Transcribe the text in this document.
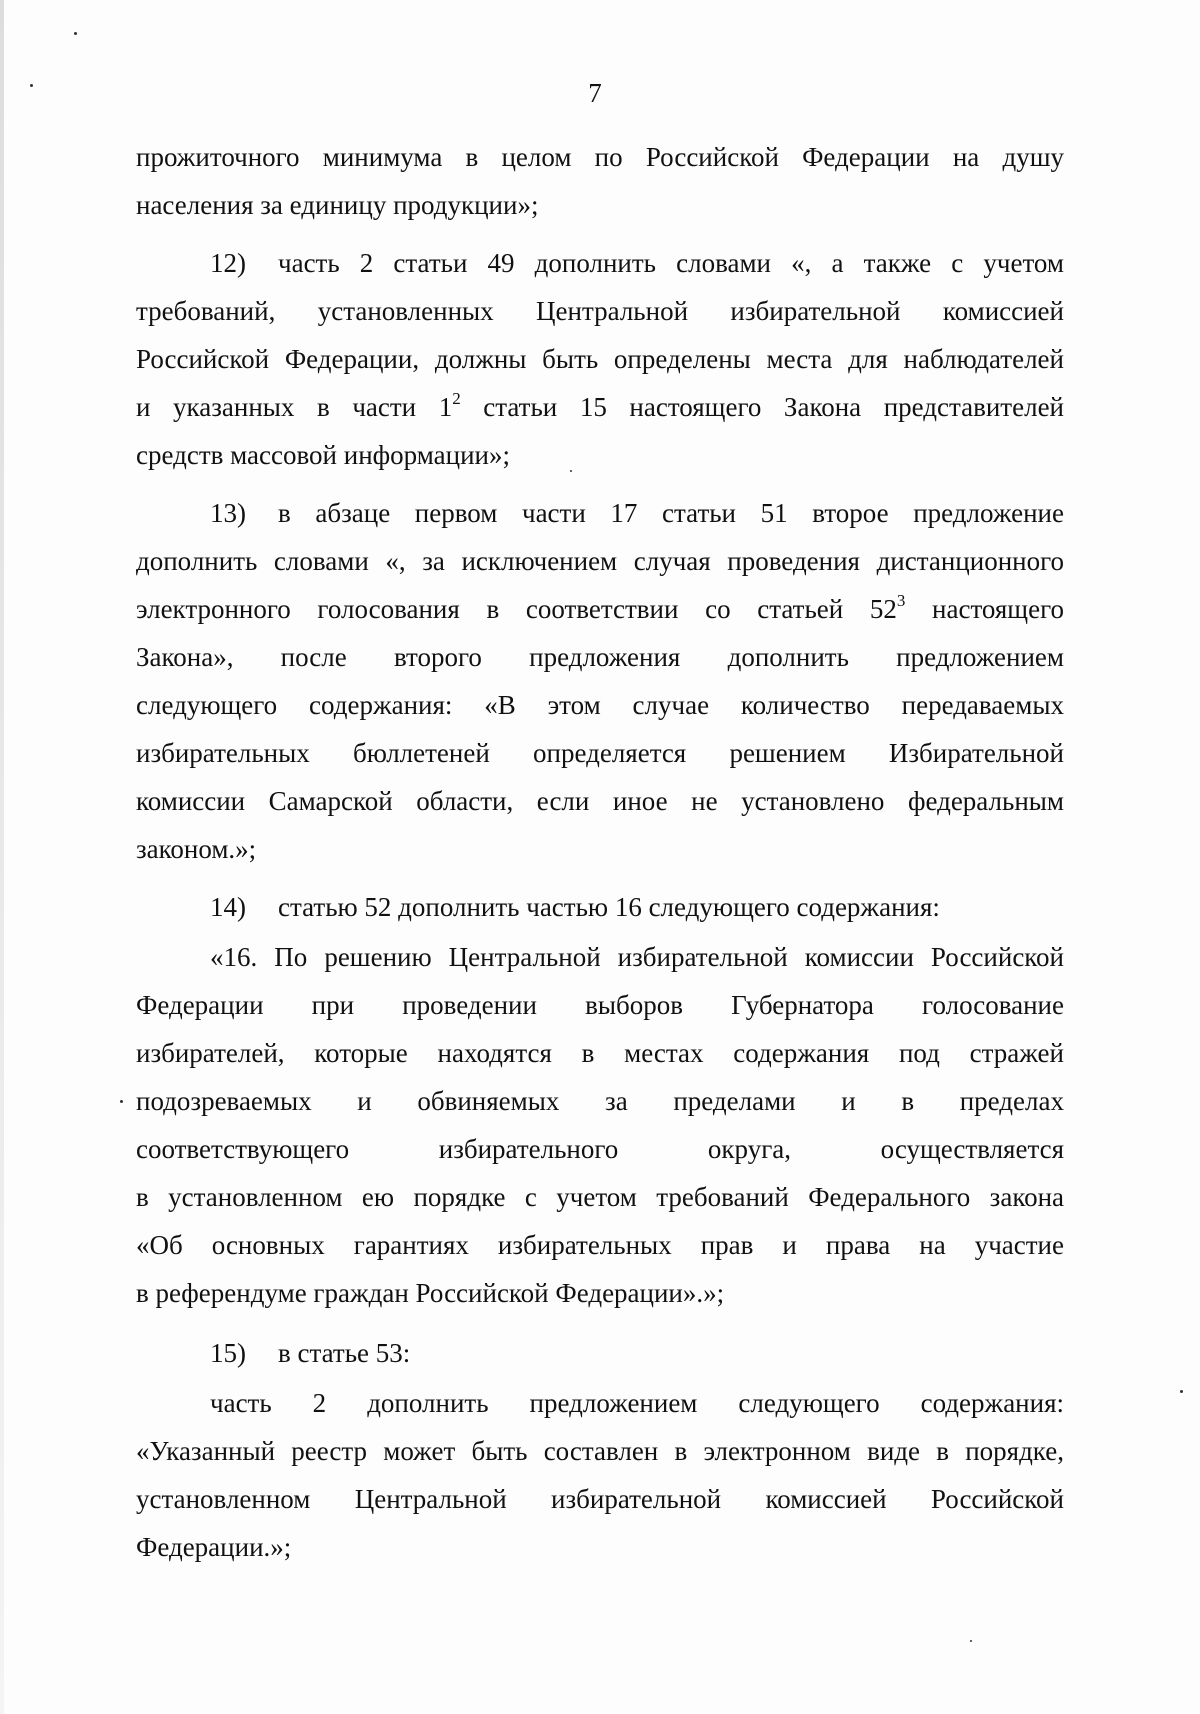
7
прожиточного минимума в целом по Российской Федерации на душу
населения за единицу продукции»;
12) часть 2 статьи 49 дополнить словами «, а также с учетом
требований, установленных Центральной избирательной комиссией
Российской Федерации, должны быть определены места для наблюдателей
и указанных в части $1^2$ статьи 15 настоящего Закона представителей
средств массовой информации»;
13) в абзаце первом части 17 статьи 51 второе предложение
дополнить словами «, за исключением случая проведения дистанционного
электронного голосования в соответствии со статьей $52^3$ настоящего
Закона», после второго предложения дополнить предложением
следующего содержания: «В этом случае количество передаваемых
избирательных бюллетеней определяется решением Избирательной
комиссии Самарской области, если иное не установлено федеральным
законом.»;
14) статью 52 дополнить частью 16 следующего содержания:
«16. По решению Центральной избирательной комиссии Российской
Федерации при проведении выборов Губернатора голосование
избирателей, которые находятся в местах содержания под стражей
подозреваемых и обвиняемых за пределами и в пределах
соответствующего избирательного округа, осуществляется
в установленном ею порядке с учетом требований Федерального закона
«Об основных гарантиях избирательных прав и права на участие
в референдуме граждан Российской Федерации».»;
15) в статье 53:
часть 2 дополнить предложением следующего содержания:
«Указанный реестр может быть составлен в электронном виде в порядке,
установленном Центральной избирательной комиссией Российской
Федерации.»;
